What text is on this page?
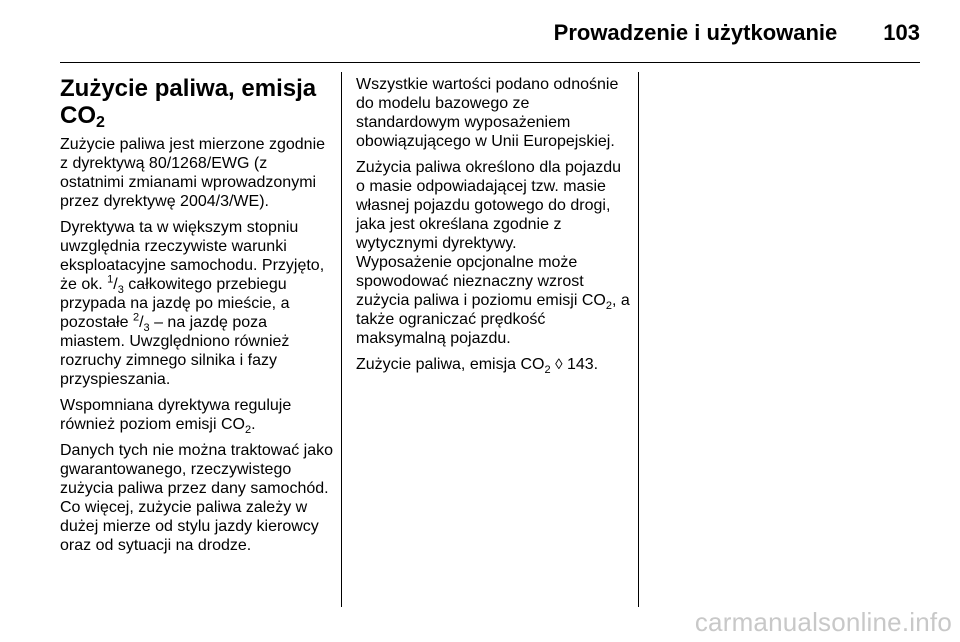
Prowadzenie i użytkowanie 103
Zużycie paliwa, emisja
$CO_2$

Zużycie paliwa jest mierzone zgodnie z dyrektywą 80/1268/EWG (z ostatnimi zmianami wprowadzonymi przez dyrektywę 2004/3/WE).

Dyrektywa ta w większym stopniu uwzględnia rzeczywiste warunki eksploatacyjne samochodu. Przyjęto, że ok. $^1/_3$ całkowitego przebiegu przypada na jazdę po mieście, a pozostałe $^2/_3$ – na jazdę poza miastem. Uwzględniono również rozruchy zimnego silnika i fazy przyspieszania.

Wspomniana dyrektywa reguluje również poziom emisji $CO_2$.

Danych tych nie można traktować jako gwarantowanego, rzeczywistego zużycia paliwa przez dany samochód. Co więcej, zużycie paliwa zależy w dużej mierze od stylu jazdy kierowcy oraz od sytuacji na drodze.

Wszystkie wartości podano odnośnie do modelu bazowego ze standardowym wyposażeniem obowiązującego w Unii Europejskiej.

Zużycia paliwa określono dla pojazdu o masie odpowiadającej tzw. masie własnej pojazdu gotowego do drogi, jaka jest określana zgodnie z wytycznymi dyrektywy.

Wyposażenie opcjonalne może spowodować nieznaczny wzrost zużycia paliwa i poziomu emisji $CO_2$, a także ograniczać prędkość maksymalną pojazdu.

Zużycie paliwa, emisja $CO_2$ ◊ 143.

carmanualsonline.info
